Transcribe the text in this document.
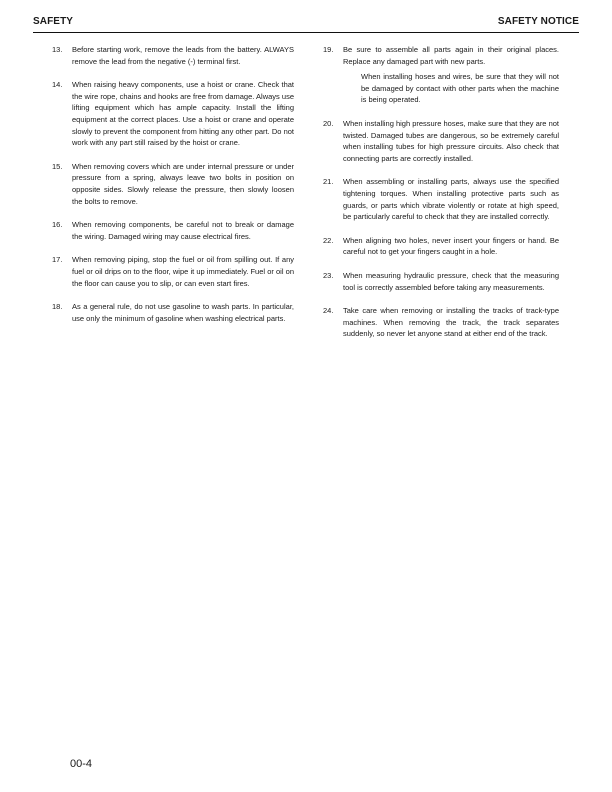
SAFETY	SAFETY NOTICE
13. Before starting work, remove the leads from the battery. ALWAYS remove the lead from the negative (-) terminal first.
14. When raising heavy components, use a hoist or crane. Check that the wire rope, chains and hooks are free from damage. Always use lifting equipment which has ample capacity. Install the lifting equipment at the correct places. Use a hoist or crane and operate slowly to prevent the component from hitting any other part. Do not work with any part still raised by the hoist or crane.
15. When removing covers which are under internal pressure or under pressure from a spring, always leave two bolts in position on opposite sides. Slowly release the pressure, then slowly loosen the bolts to remove.
16. When removing components, be careful not to break or damage the wiring. Damaged wiring may cause electrical fires.
17. When removing piping, stop the fuel or oil from spilling out. If any fuel or oil drips on to the floor, wipe it up immediately. Fuel or oil on the floor can cause you to slip, or can even start fires.
18. As a general rule, do not use gasoline to wash parts. In particular, use only the minimum of gasoline when washing electrical parts.
19. Be sure to assemble all parts again in their original places. Replace any damaged part with new parts.
When installing hoses and wires, be sure that they will not be damaged by contact with other parts when the machine is being operated.
20. When installing high pressure hoses, make sure that they are not twisted. Damaged tubes are dangerous, so be extremely careful when installing tubes for high pressure circuits. Also check that connecting parts are correctly installed.
21. When assembling or installing parts, always use the specified tightening torques. When installing protective parts such as guards, or parts which vibrate violently or rotate at high speed, be particularly careful to check that they are installed correctly.
22. When aligning two holes, never insert your fingers or hand. Be careful not to get your fingers caught in a hole.
23. When measuring hydraulic pressure, check that the measuring tool is correctly assembled before taking any measurements.
24. Take care when removing or installing the tracks of track-type machines. When removing the track, the track separates suddenly, so never let anyone stand at either end of the track.
00-4
